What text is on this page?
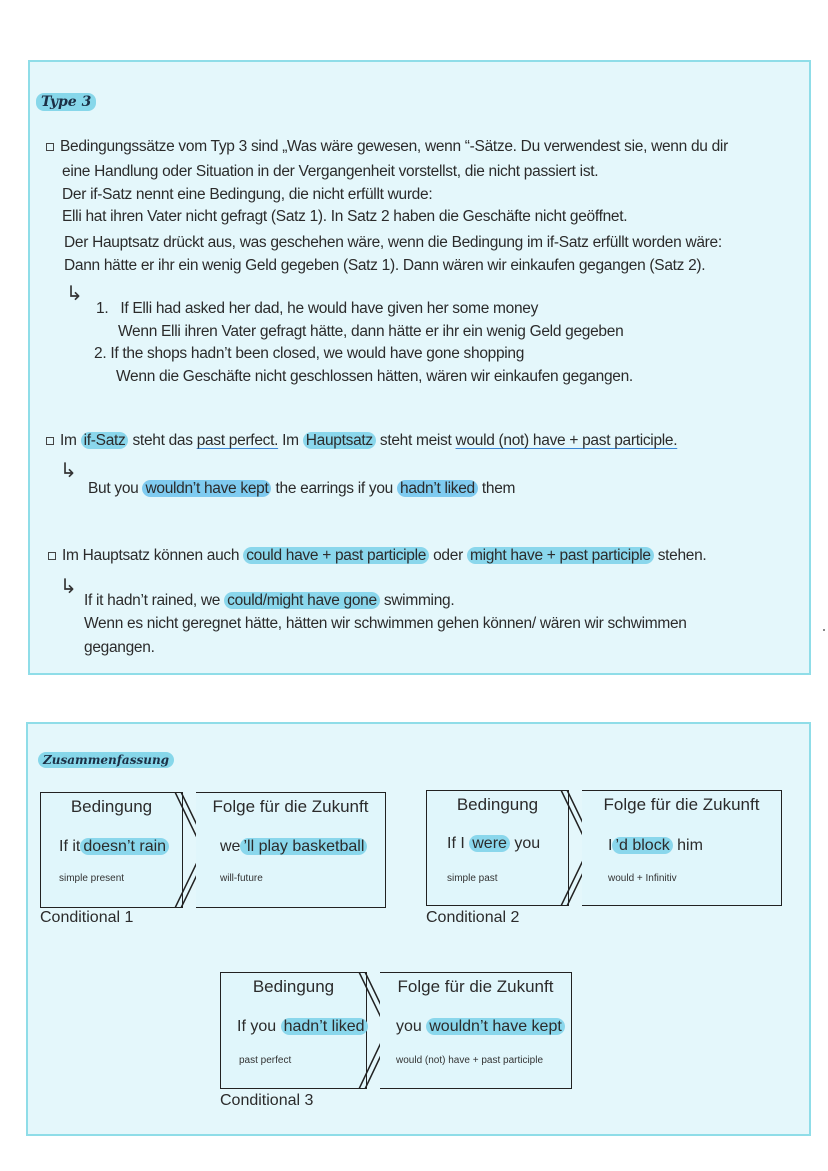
Type 3
Bedingungssätze vom Typ 3 sind „Was wäre gewesen, wenn “-Sätze. Du verwendest sie, wenn du dir
eine Handlung oder Situation in der Vergangenheit vorstellst, die nicht passiert ist.
Der if-Satz nennt eine Bedingung, die nicht erfüllt wurde:
Elli hat ihren Vater nicht gefragt (Satz 1). In Satz 2 haben die Geschäfte nicht geöffnet.
Der Hauptsatz drückt aus, was geschehen wäre, wenn die Bedingung im if-Satz erfüllt worden wäre:
Dann hätte er ihr ein wenig Geld gegeben (Satz 1). Dann wären wir einkaufen gegangen (Satz 2).
↳
1. If Elli had asked her dad, he would have given her some money
Wenn Elli ihren Vater gefragt hätte, dann hätte er ihr ein wenig Geld gegeben
2. If the shops hadn’t been closed, we would have gone shopping
Wenn die Geschäfte nicht geschlossen hätten, wären wir einkaufen gegangen.
Im if-Satz steht das past perfect. Im Hauptsatz steht meist would (not) have + past participle.
↳
But you wouldn’t have kept the earrings if you hadn’t liked them
Im Hauptsatz können auch could have + past participle oder might have + past participle stehen.
↳
If it hadn’t rained, we could/might have gone swimming.
Wenn es nicht geregnet hätte, hätten wir schwimmen gehen können/ wären wir schwimmen
gegangen.
Zusammenfassung
Bedingung
If it doesn’t rain
simple present
Folge für die Zukunft
we ’ll play basketball
will-future
Conditional 1
Bedingung
If I were you
simple past
Folge für die Zukunft
I ’d block him
would + Infinitiv
Conditional 2
Bedingung
If you hadn’t liked
past perfect
Folge für die Zukunft
you wouldn’t have kept
would (not) have + past participle
Conditional 3
